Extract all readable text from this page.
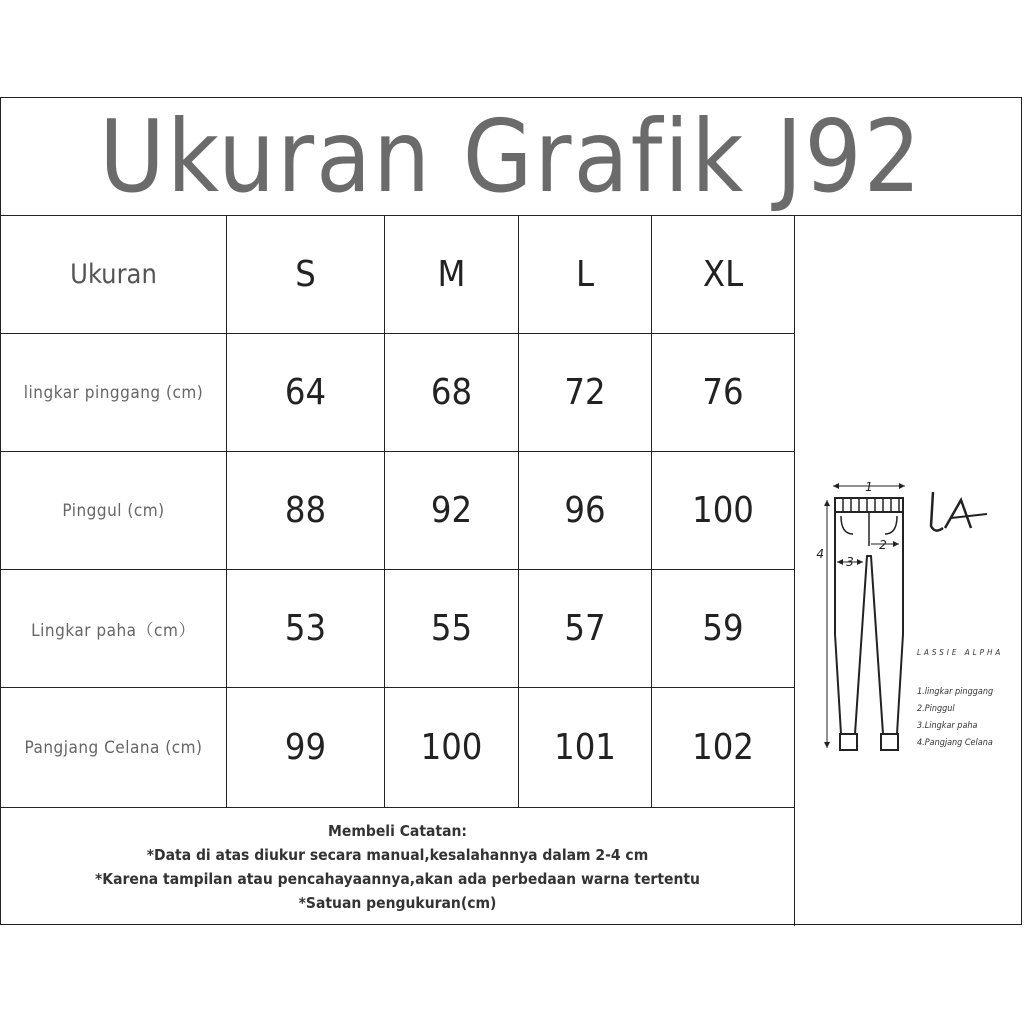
Ukuran Grafik J92
Ukuran	S	M	L	XL
lingkar pinggang (cm)	64	68	72	76
Pinggul (cm)	88	92	96	100
Lingkar paha（cm）	53	55	57	59
Pangjang Celana (cm)	99	100	101	102
Membeli Catatan:
*Data di atas diukur secara manual,kesalahannya dalam 2-4 cm
*Karena tampilan atau pencahayaannya,akan ada perbedaan warna tertentu
*Satuan pengukuran(cm)
1
2
3
4
LASSIE ALPHA
1.lingkar pinggang
2.Pinggul
3.Lingkar paha
4.Pangjang Celana
